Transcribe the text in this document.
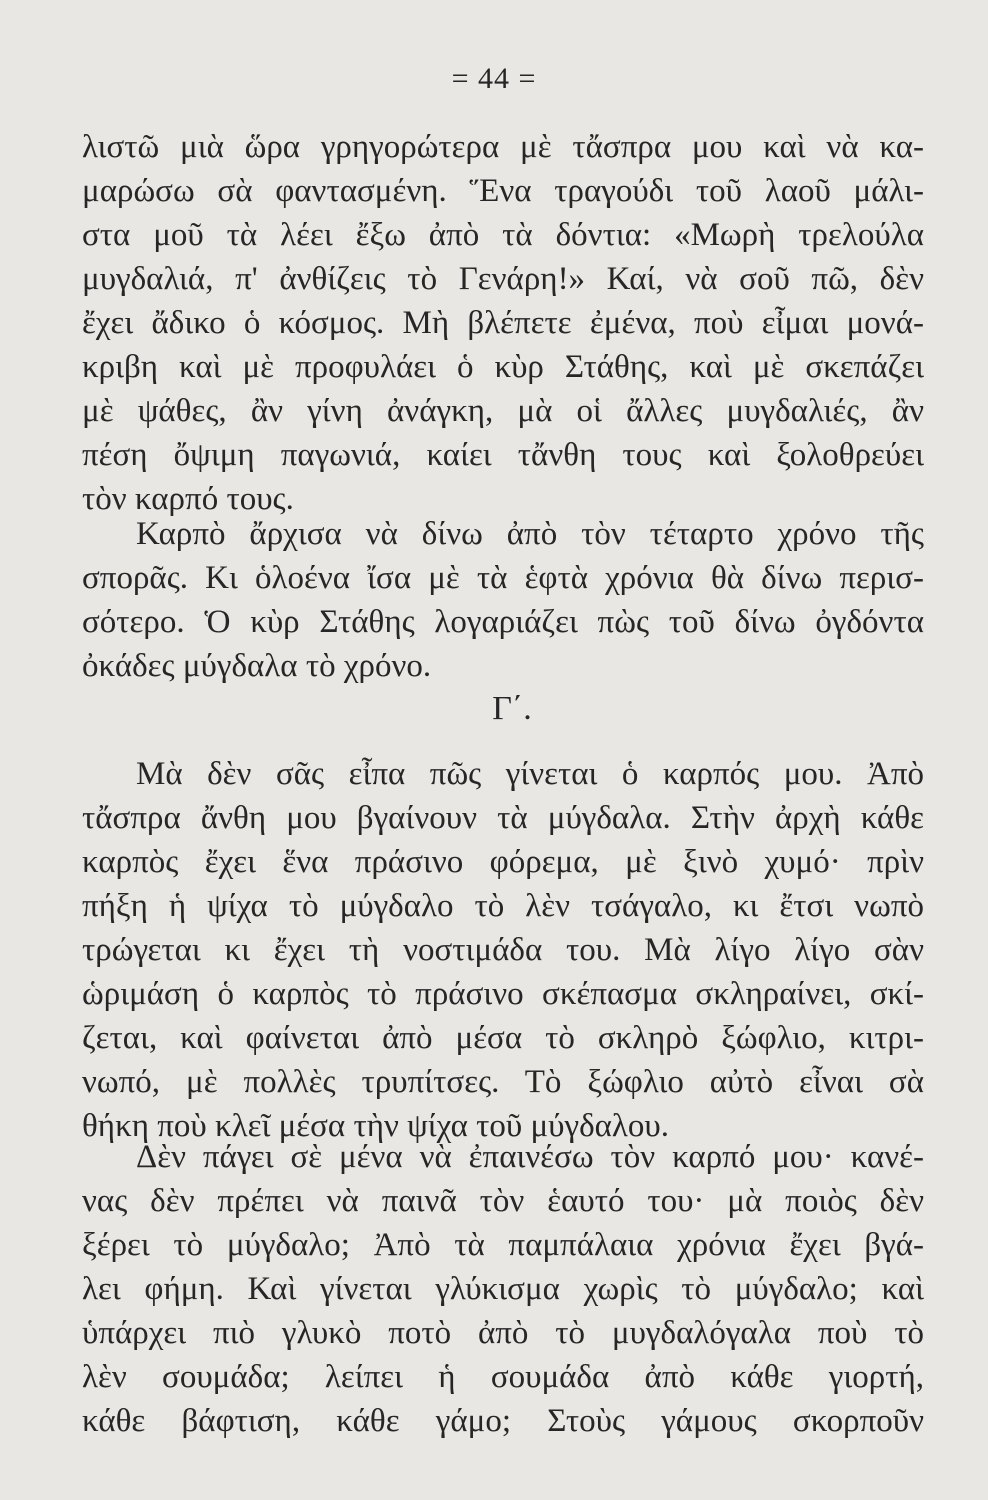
= 44 =
λιστῶ μιὰ ὥρα γρηγορώτερα μὲ τἄσπρα μου καὶ νὰ κα-
μαρώσω σὰ φαντασμένη. Ἕνα τραγούδι τοῦ λαοῦ μάλι-
στα μοῦ τὰ λέει ἔξω ἀπὸ τὰ δόντια: «Μωρὴ τρελούλα
μυγδαλιά, π' ἀνθίζεις τὸ Γενάρη!» Καί, νὰ σοῦ πῶ, δὲν
ἔχει ἄδικο ὁ κόσμος. Μὴ βλέπετε ἐμένα, ποὺ εἶμαι μονά-
κριβη καὶ μὲ προφυλάει ὁ κὺρ Στάθης, καὶ μὲ σκεπάζει
μὲ ψάθες, ἂν γίνη ἀνάγκη, μὰ οἱ ἄλλες μυγδαλιές, ἂν
πέση ὄψιμη παγωνιά, καίει τἄνθη τους καὶ ξολοθρεύει
τὸν καρπό τους.
Καρπὸ ἄρχισα νὰ δίνω ἀπὸ τὸν τέταρτο χρόνο τῆς
σπορᾶς. Κι ὁλοένα ἴσα μὲ τὰ ἑφτὰ χρόνια θὰ δίνω περισ-
σότερο. Ὁ κὺρ Στάθης λογαριάζει πὼς τοῦ δίνω ὀγδόντα
ὀκάδες μύγδαλα τὸ χρόνο.
Γ΄.
Μὰ δὲν σᾶς εἶπα πῶς γίνεται ὁ καρπός μου. Ἀπὸ
τἄσπρα ἄνθη μου βγαίνουν τὰ μύγδαλα. Στὴν ἀρχὴ κάθε
καρπὸς ἔχει ἕνα πράσινο φόρεμα, μὲ ξινὸ χυμό· πρὶν
πήξη ἡ ψίχα τὸ μύγδαλο τὸ λὲν τσάγαλο, κι ἔτσι νωπὸ
τρώγεται κι ἔχει τὴ νοστιμάδα του. Μὰ λίγο λίγο σὰν
ὡριμάση ὁ καρπὸς τὸ πράσινο σκέπασμα σκληραίνει, σκί-
ζεται, καὶ φαίνεται ἀπὸ μέσα τὸ σκληρὸ ξώφλιο, κιτρι-
νωπό, μὲ πολλὲς τρυπίτσες. Τὸ ξώφλιο αὐτὸ εἶναι σὰ
θήκη ποὺ κλεῖ μέσα τὴν ψίχα τοῦ μύγδαλου.
Δὲν πάγει σὲ μένα νὰ ἐπαινέσω τὸν καρπό μου· κανέ-
νας δὲν πρέπει νὰ παινᾶ τὸν ἑαυτό του· μὰ ποιὸς δὲν
ξέρει τὸ μύγδαλο; Ἀπὸ τὰ παμπάλαια χρόνια ἔχει βγά-
λει φήμη. Καὶ γίνεται γλύκισμα χωρὶς τὸ μύγδαλο; καὶ
ὑπάρχει πιὸ γλυκὸ ποτὸ ἀπὸ τὸ μυγδαλόγαλα ποὺ τὸ
λὲν σουμάδα; λείπει ἡ σουμάδα ἀπὸ κάθε γιορτή,
κάθε βάφτιση, κάθε γάμο; Στοὺς γάμους σκορποῦν
